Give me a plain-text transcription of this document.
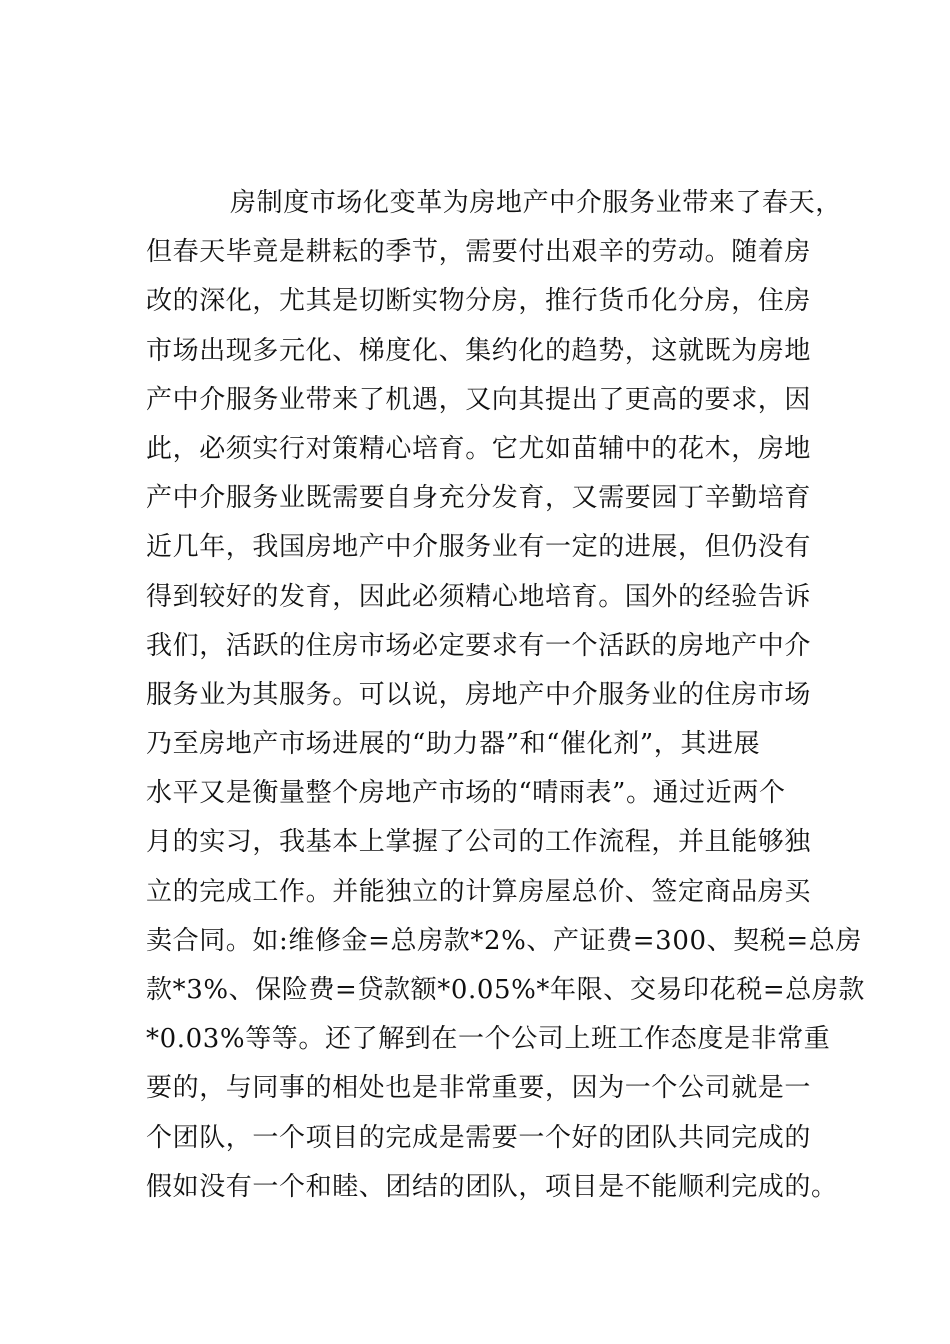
房制度市场化变革为房地产中介服务业带来了春天，
但春天毕竟是耕耘的季节，需要付出艰辛的劳动。随着房
改的深化，尤其是切断实物分房，推行货币化分房，住房
市场出现多元化、梯度化、集约化的趋势，这就既为房地
产中介服务业带来了机遇，又向其提出了更高的要求，因
此，必须实行对策精心培育。它尤如苗辅中的花木，房地
产中介服务业既需要自身充分发育，又需要园丁辛勤培育
近几年，我国房地产中介服务业有一定的进展，但仍没有
得到较好的发育，因此必须精心地培育。国外的经验告诉
我们，活跃的住房市场必定要求有一个活跃的房地产中介
服务业为其服务。可以说，房地产中介服务业的住房市场
乃至房地产市场进展的“助力器”和“催化剂”，其进展
水平又是衡量整个房地产市场的“晴雨表”。通过近两个
月的实习，我基本上掌握了公司的工作流程，并且能够独
立的完成工作。并能独立的计算房屋总价、签定商品房买
卖合同。如:维修金=总房款*2%、产证费=300、契税=总房
款*3%、保险费=贷款额*0.05%*年限、交易印花税=总房款
*0.03%等等。还了解到在一个公司上班工作态度是非常重
要的，与同事的相处也是非常重要，因为一个公司就是一
个团队，一个项目的完成是需要一个好的团队共同完成的
假如没有一个和睦、团结的团队，项目是不能顺利完成的。
